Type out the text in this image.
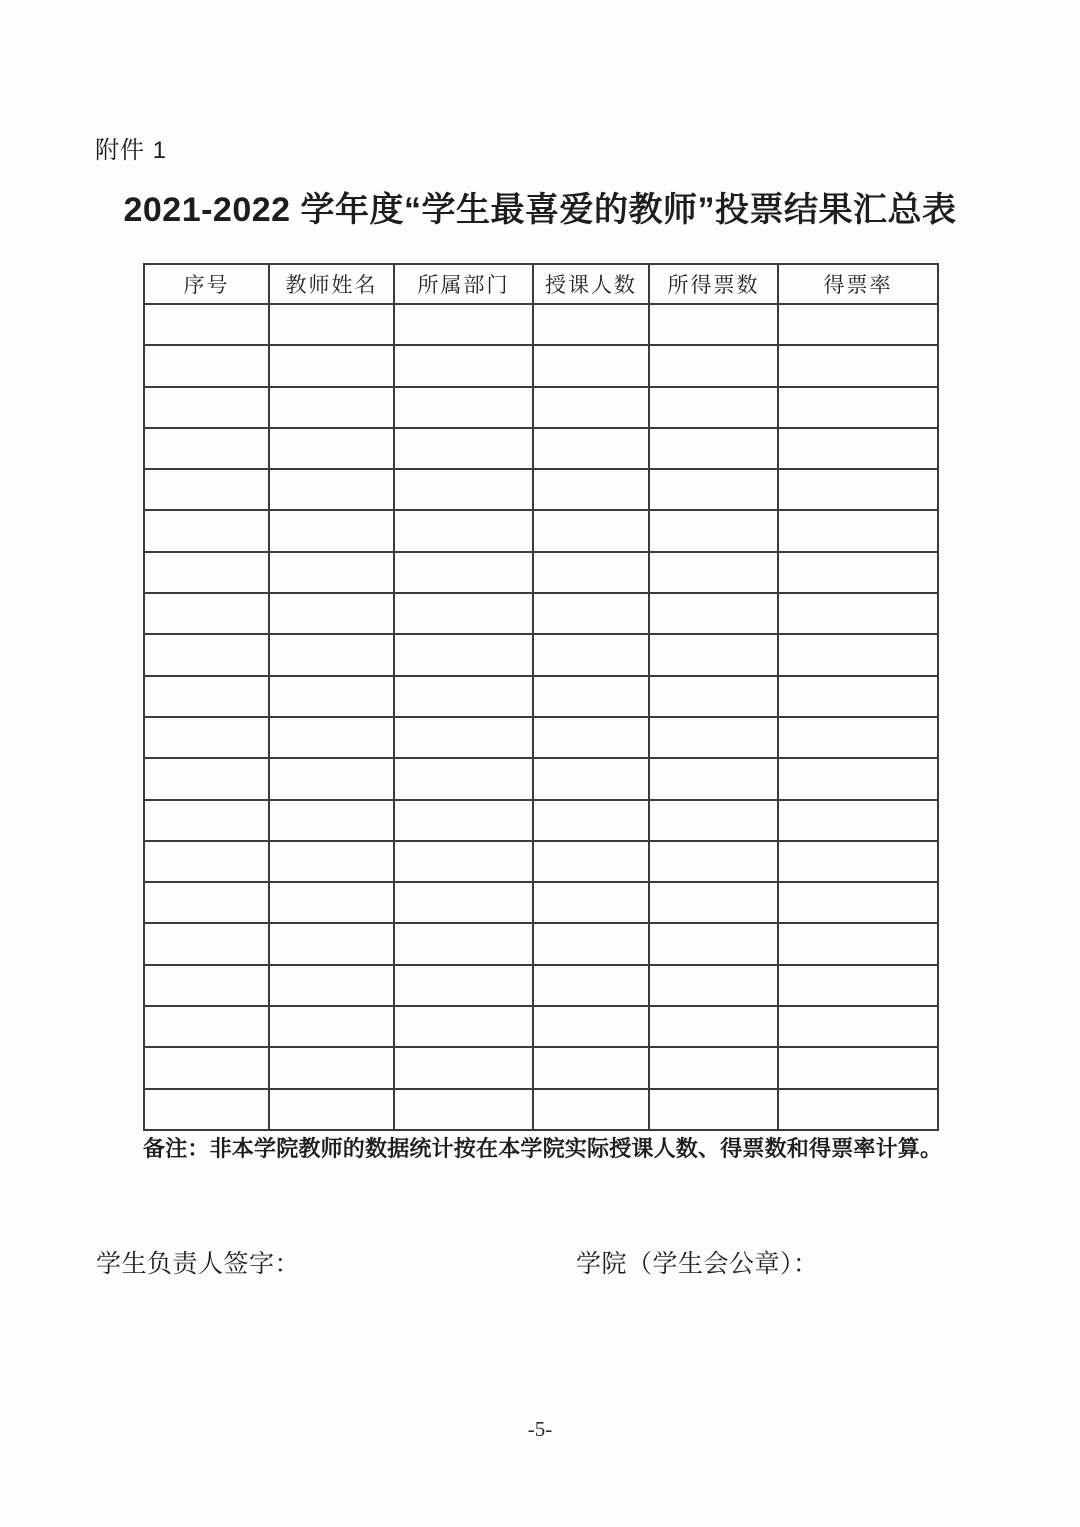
附件 1
2021-2022 学年度“学生最喜爱的教师”投票结果汇总表
序号	教师姓名	所属部门	授课人数	所得票数	得票率

备注：非本学院教师的数据统计按在本学院实际授课人数、得票数和得票率计算。
学生负责人签字：	学院（学生会公章）：
-5-
